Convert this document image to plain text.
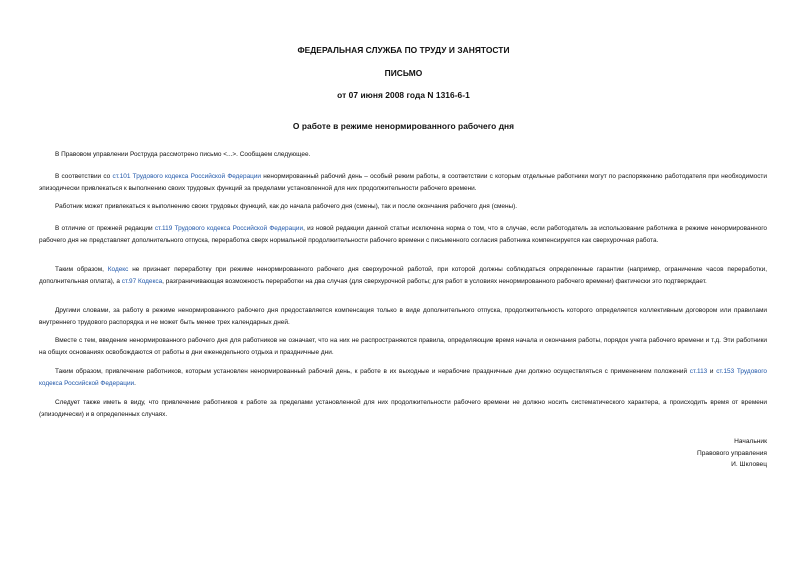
ФЕДЕРАЛЬНАЯ СЛУЖБА ПО ТРУДУ И ЗАНЯТОСТИ
ПИСЬМО
от 07 июня 2008 года N 1316-6-1
О работе в режиме ненормированного рабочего дня

В Правовом управлении Роструда рассмотрено письмо <...>. Сообщаем следующее.

В соответствии со ст.101 Трудового кодекса Российской Федерации ненормированный рабочий день – особый режим работы, в соответствии с которым отдельные работники могут по распоряжению работодателя при необходимости эпизодически привлекаться к выполнению своих трудовых функций за пределами установленной для них продолжительности рабочего времени.

Работник может привлекаться к выполнению своих трудовых функций, как до начала рабочего дня (смены), так и после окончания рабочего дня (смены).

В отличие от прежней редакции ст.119 Трудового кодекса Российской Федерации, из новой редакции данной статьи исключена норма о том, что в случае, если работодатель за использование работника в режиме ненормированного рабочего дня не представляет дополнительного отпуска, переработка сверх нормальной продолжительности рабочего времени с письменного согласия работника компенсируется как сверхурочная работа.

Таким образом, Кодекс не признает переработку при режиме ненормированного рабочего дня сверхурочной работой, при которой должны соблюдаться определенные гарантии (например, ограничение часов переработки, дополнительная оплата), а ст.97 Кодекса, разграничивающая возможность переработки на два случая (для сверхурочной работы; для работ в условиях ненормированного рабочего времени) фактически это подтверждает.

Другими словами, за работу в режиме ненормированного рабочего дня предоставляется компенсация только в виде дополнительного отпуска, продолжительность которого определяется коллективным договором или правилами внутреннего трудового распорядка и не может быть менее трех календарных дней.

Вместе с тем, введение ненормированного рабочего дня для работников не означает, что на них не распространяются правила, определяющие время начала и окончания работы, порядок учета рабочего времени и т.д. Эти работники на общих основаниях освобождаются от работы в дни еженедельного отдыха и праздничные дни.

Таким образом, привлечение работников, которым установлен ненормированный рабочий день, к работе в их выходные и нерабочие праздничные дни должно осуществляться с применением положений ст.113 и ст.153 Трудового кодекса Российской Федерации.

Следует также иметь в виду, что привлечение работников к работе за пределами установленной для них продолжительности рабочего времени не должно носить систематического характера, а происходить время от времени (эпизодически) и в определенных случаях.

Начальник
Правового управления
И. Шкловец
